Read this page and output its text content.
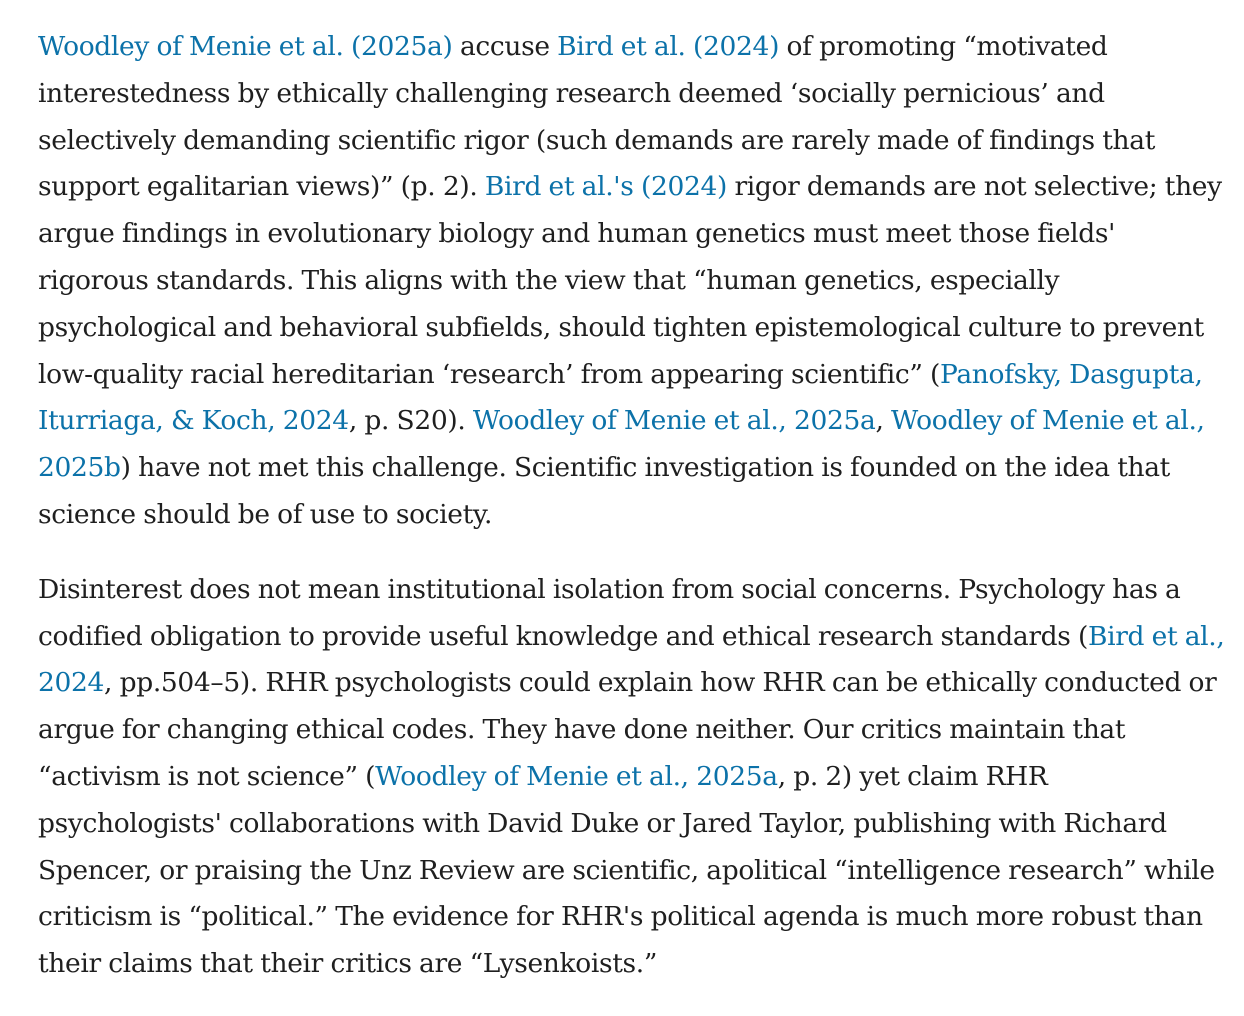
Woodley of Menie et al. (2025a) accuse Bird et al. (2024) of promoting “motivated interestedness by ethically challenging research deemed ‘socially pernicious’ and selectively demanding scientific rigor (such demands are rarely made of findings that support egalitarian views)” (p. 2). Bird et al.'s (2024) rigor demands are not selective; they argue findings in evolutionary biology and human genetics must meet those fields' rigorous standards. This aligns with the view that “human genetics, especially psychological and behavioral subfields, should tighten epistemological culture to prevent low-quality racial hereditarian ‘research’ from appearing scientific” (Panofsky, Dasgupta, Iturriaga, & Koch, 2024, p. S20). Woodley of Menie et al., 2025a, Woodley of Menie et al., 2025b) have not met this challenge. Scientific investigation is founded on the idea that science should be of use to society.

Disinterest does not mean institutional isolation from social concerns. Psychology has a codified obligation to provide useful knowledge and ethical research standards (Bird et al., 2024, pp.504–5). RHR psychologists could explain how RHR can be ethically conducted or argue for changing ethical codes. They have done neither. Our critics maintain that “activism is not science” (Woodley of Menie et al., 2025a, p. 2) yet claim RHR psychologists' collaborations with David Duke or Jared Taylor, publishing with Richard Spencer, or praising the Unz Review are scientific, apolitical “intelligence research” while criticism is “political.” The evidence for RHR's political agenda is much more robust than their claims that their critics are “Lysenkoists.”
